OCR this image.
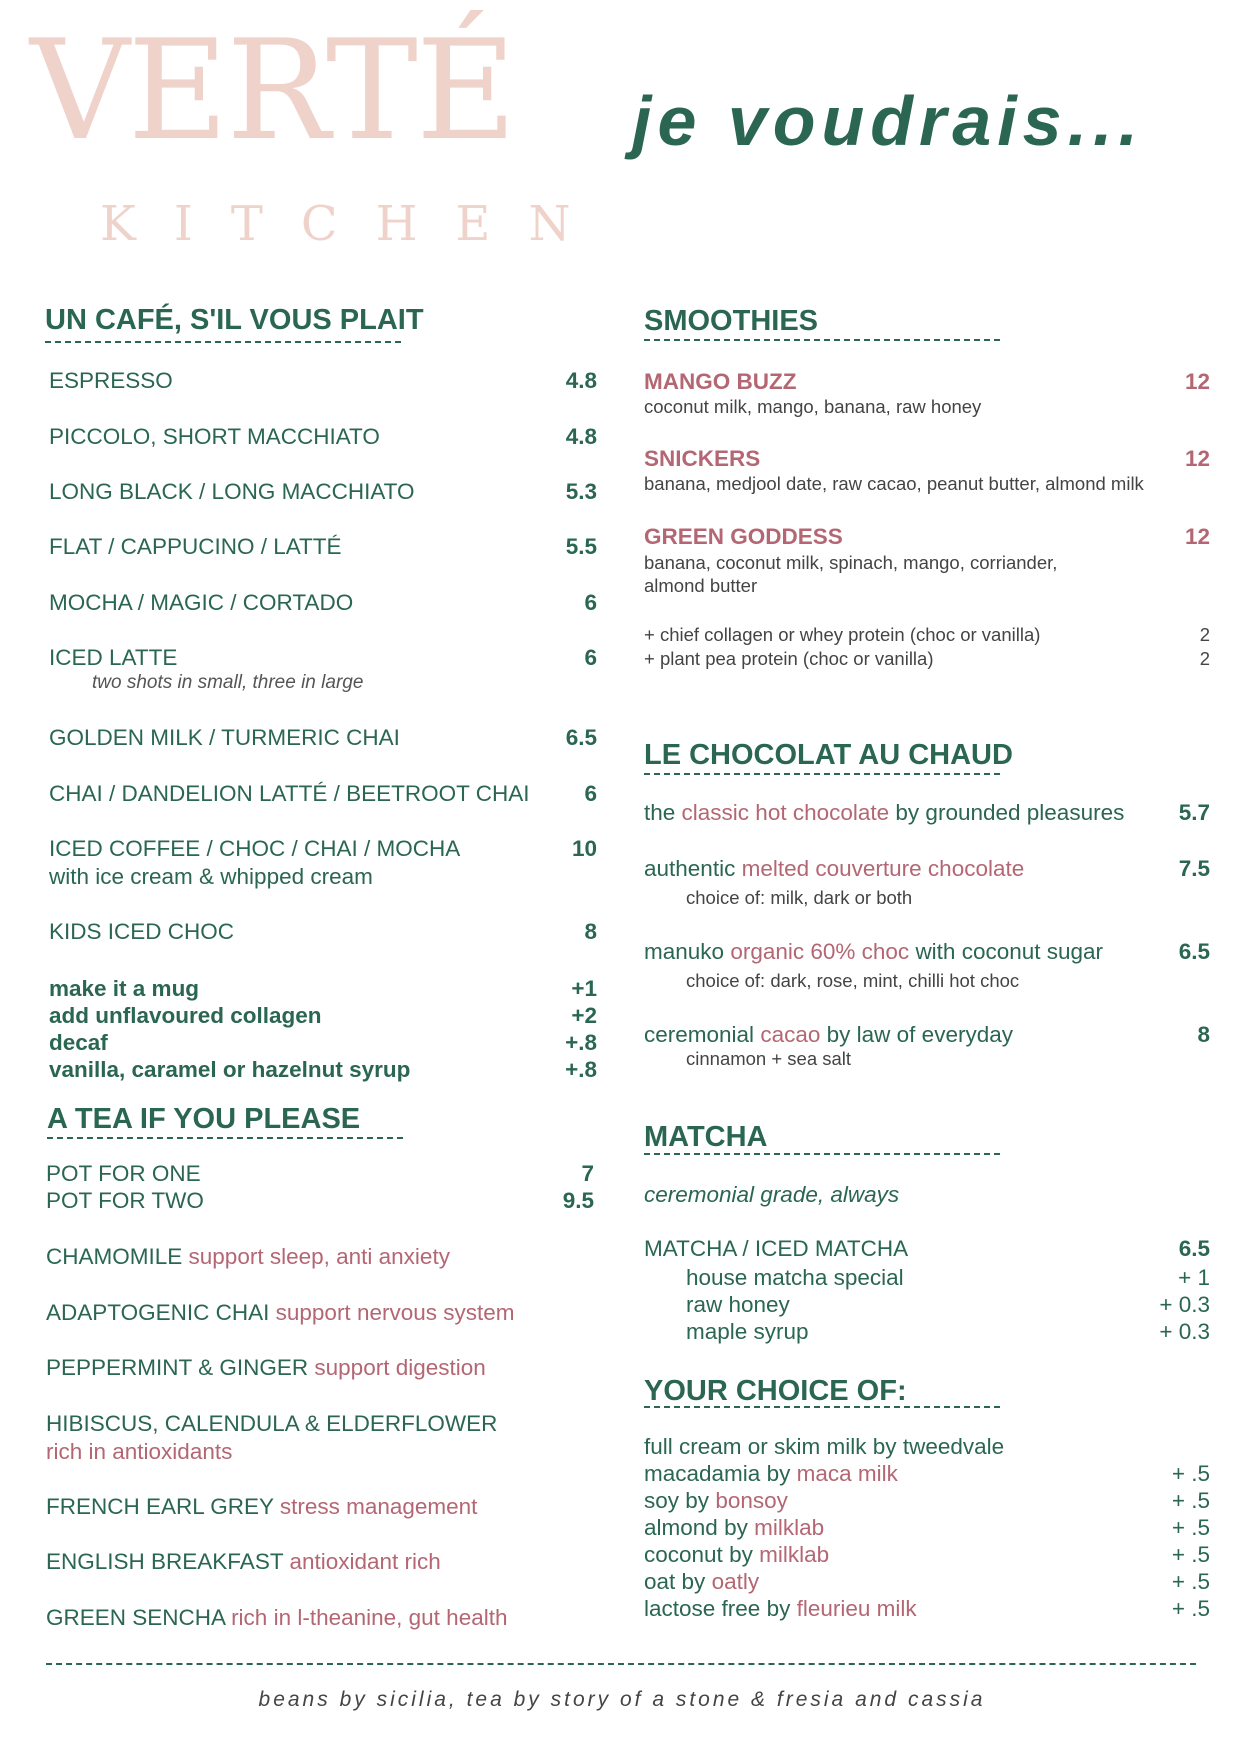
VERTÉ
KITCHEN
je voudrais...
UN CAFÉ, S'IL VOUS PLAIT
ESPRESSO	4.8
PICCOLO, SHORT MACCHIATO	4.8
LONG BLACK / LONG MACCHIATO	5.3
FLAT / CAPPUCINO / LATTÉ	5.5
MOCHA / MAGIC / CORTADO	6
ICED LATTE	6
two shots in small, three in large
GOLDEN MILK / TURMERIC CHAI	6.5
CHAI / DANDELION LATTÉ / BEETROOT CHAI 6
ICED COFFEE / CHOC / CHAI / MOCHA	10
with ice cream & whipped cream
KIDS ICED CHOC	8
make it a mug	+1
add unflavoured collagen	+2
decaf	+.8
vanilla, caramel or hazelnut syrup	+.8
A TEA IF YOU PLEASE
POT FOR ONE	7
POT FOR TWO	9.5
CHAMOMILE support sleep, anti anxiety
ADAPTOGENIC CHAI support nervous system
PEPPERMINT & GINGER support digestion
HIBISCUS, CALENDULA & ELDERFLOWER
rich in antioxidants
FRENCH EARL GREY stress management
ENGLISH BREAKFAST antioxidant rich
GREEN SENCHA rich in l-theanine, gut health
SMOOTHIES
MANGO BUZZ	12
coconut milk, mango, banana, raw honey
SNICKERS	12
banana, medjool date, raw cacao, peanut butter, almond milk
GREEN GODDESS	12
banana, coconut milk, spinach, mango, corriander,
almond butter
+ chief collagen or whey protein (choc or vanilla)	2
+ plant pea protein (choc or vanilla)	2
LE CHOCOLAT AU CHAUD
the classic hot chocolate by grounded pleasures 5.7
authentic melted couverture chocolate	7.5
choice of: milk, dark or both
manuko organic 60% choc with coconut sugar	6.5
choice of: dark, rose, mint, chilli hot choc
ceremonial cacao by law of everyday	8
cinnamon + sea salt
MATCHA
ceremonial grade, always
MATCHA / ICED MATCHA	6.5
house matcha special	+ 1
raw honey	+ 0.3
maple syrup	+ 0.3
YOUR CHOICE OF:
full cream or skim milk by tweedvale
macadamia by maca milk	+ .5
soy by bonsoy	+ .5
almond by milklab	+ .5
coconut by milklab	+ .5
oat by oatly	+ .5
lactose free by fleurieu milk	+ .5
beans by sicilia, tea by story of a stone & fresia and cassia
